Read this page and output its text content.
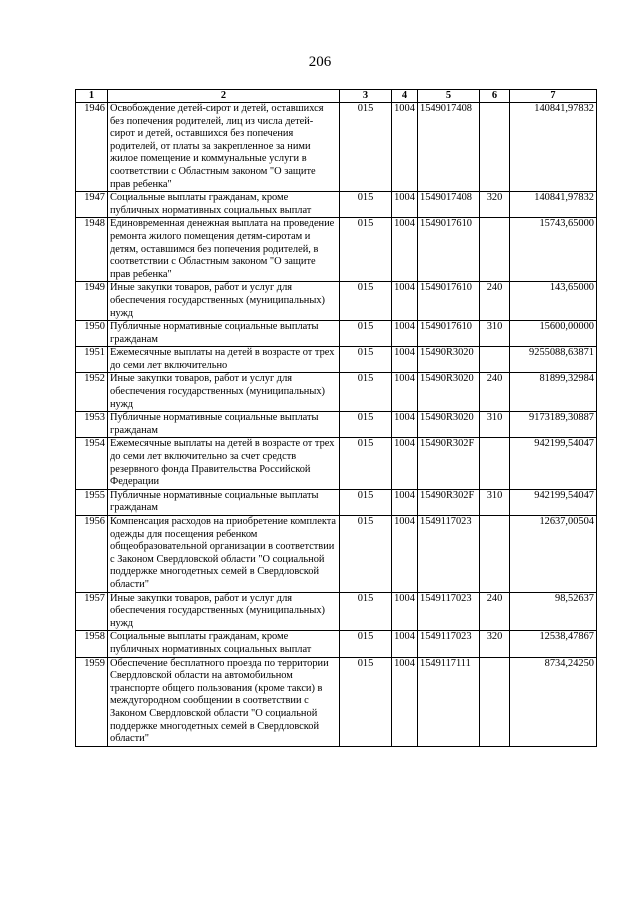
206
1	2	3	4	5	6	7
1946	Освобождение детей-сирот и детей, оставшихся без попечения родителей, лиц из числа детей-сирот и детей, оставшихся без попечения родителей, от платы за закрепленное за ними жилое помещение и коммунальные услуги в соответствии с Областным законом "О защите прав ребенка"	015	1004	1549017408		140841,97832
1947	Социальные выплаты гражданам, кроме публичных нормативных социальных выплат	015	1004	1549017408	320	140841,97832
1948	Единовременная денежная выплата на проведение ремонта жилого помещения детям-сиротам и детям, оставшимся без попечения родителей, в соответствии с Областным законом "О защите прав ребенка"	015	1004	1549017610		15743,65000
1949	Иные закупки товаров, работ и услуг для обеспечения государственных (муниципальных) нужд	015	1004	1549017610	240	143,65000
1950	Публичные нормативные социальные выплаты гражданам	015	1004	1549017610	310	15600,00000
1951	Ежемесячные выплаты на детей в возрасте от трех до семи лет включительно	015	1004	15490R3020		9255088,63871
1952	Иные закупки товаров, работ и услуг для обеспечения государственных (муниципальных) нужд	015	1004	15490R3020	240	81899,32984
1953	Публичные нормативные социальные выплаты гражданам	015	1004	15490R3020	310	9173189,30887
1954	Ежемесячные выплаты на детей в возрасте от трех до семи лет включительно за счет средств резервного фонда Правительства Российской Федерации	015	1004	15490R302F		942199,54047
1955	Публичные нормативные социальные выплаты гражданам	015	1004	15490R302F	310	942199,54047
1956	Компенсация расходов на приобретение комплекта одежды для посещения ребенком общеобразовательной организации в соответствии с Законом Свердловской области "О социальной поддержке многодетных семей в Свердловской области"	015	1004	1549117023		12637,00504
1957	Иные закупки товаров, работ и услуг для обеспечения государственных (муниципальных) нужд	015	1004	1549117023	240	98,52637
1958	Социальные выплаты гражданам, кроме публичных нормативных социальных выплат	015	1004	1549117023	320	12538,47867
1959	Обеспечение бесплатного проезда по территории Свердловской области на автомобильном транспорте общего пользования (кроме такси) в междугородном сообщении в соответствии с Законом Свердловской области "О социальной поддержке многодетных семей в Свердловской области"	015	1004	1549117111		8734,24250
